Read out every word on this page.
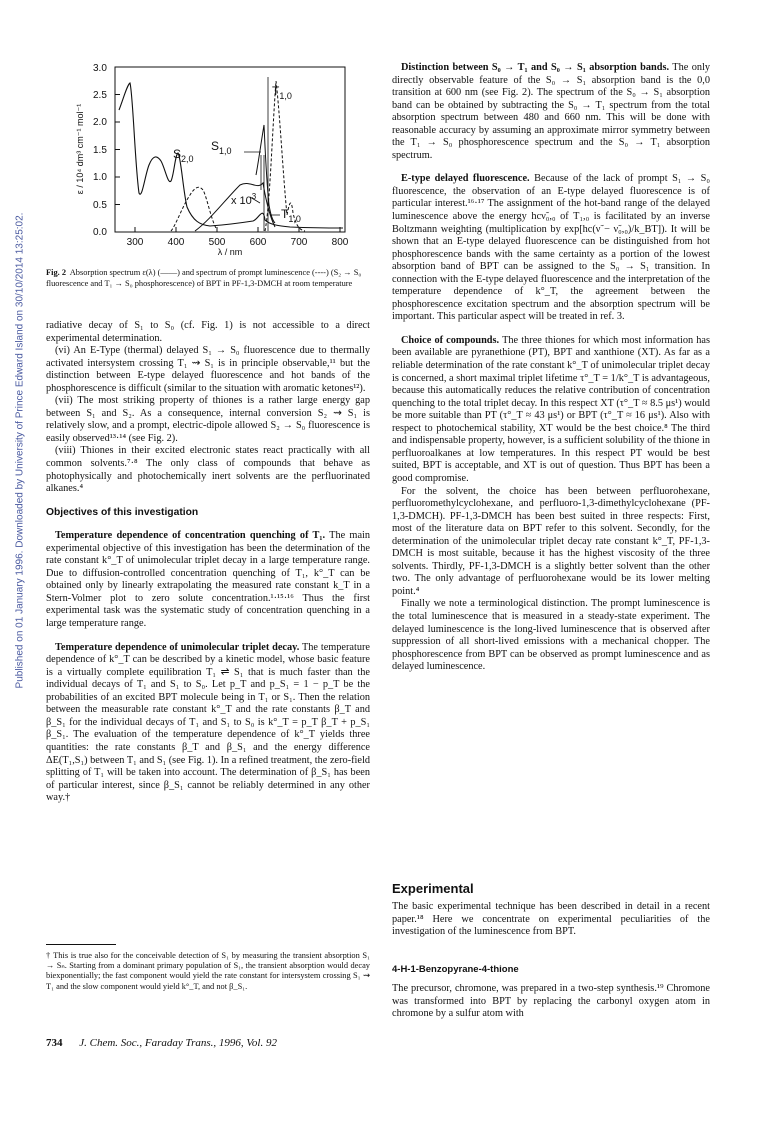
Published on 01 January 1996. Downloaded by University of Prince Edward Island on 30/10/2014 13:25:02.	0.0
0.5
1.0
1.5
2.0
2.5
3.0
300 400 500 600 700 800
ε / 10⁴ dm³ cm⁻¹ mol⁻¹
λ / nm
$T_{1,0}$
$S_{2,0}$
$S_{1,0}$
x $10^3$
$T_{1,0}$
Fig. 2 Absorption spectrum ε(λ) (——) and spectrum of prompt luminescence (----) (S₂ → S₀ fluorescence and T₁ → S₀ phosphorescence) of BPT in PF-1,3-DMCH at room temperature

radiative decay of S₁ to S₀ (cf. Fig. 1) is not accessible to a direct experimental determination.

(vi) An E-Type (thermal) delayed S₁ → S₀ fluorescence due to thermally activated intersystem crossing T₁ ⇝ S₁ is in principle observable,¹¹ but the distinction between E-type delayed fluorescence and hot bands of the phosphorescence is difficult (similar to the situation with aromatic ketones¹²).

(vii) The most striking property of thiones is a rather large energy gap between S₁ and S₂. As a consequence, internal conversion S₂ ⇝ S₁ is relatively slow, and a prompt, electric-dipole allowed S₂ → S₀ fluorescence is easily observed¹³·¹⁴ (see Fig. 2).

(viii) Thiones in their excited electronic states react practically with all common solvents.⁷·⁸ The only class of compounds that behave as photophysically and photochemically inert solvents are the perfluorinated alkanes.⁴

Objectives of this investigation

Temperature dependence of concentration quenching of T₁. The main experimental objective of this investigation has been the determination of the rate constant k°_T of unimolecular triplet decay in a large temperature range. Due to diffusion-controlled concentration quenching of T₁, k°_T can be obtained only by linearly extrapolating the measured rate constant k_T in a Stern-Volmer plot to zero solute concentration.¹·¹⁵·¹⁶ Thus the first experimental task was the systematic study of concentration quenching in a large temperature range.

Temperature dependence of unimolecular triplet decay. The temperature dependence of k°_T can be described by a kinetic model, whose basic feature is a virtually complete equilibration T₁ ⇌ S₁ that is much faster than the individual decays of T₁ and S₁ to S₀. Let p_T and p_S₁ = 1 − p_T be the probabilities of an excited BPT molecule being in T₁ or S₁. Then the relation between the measurable rate constant k°_T and the rate constants β_T and β_S₁ for the individual decays of T₁ and S₁ to S₀ is k°_T = p_T β_T + p_S₁ β_S₁. The evaluation of the temperature dependence of k°_T yields three quantities: the rate constants β_T and β_S₁ and the energy difference ΔE(T₁,S₁) between T₁ and S₁ (see Fig. 1). In a refined treatment, the zero-field splitting of T₁ will be taken into account. The determination of β_S₁ has been of particular interest, since β_S₁ cannot be reliably determined in any other way.†

† This is true also for the conceivable detection of S₁ by measuring the transient absorption S₁ → Sₙ. Starting from a dominant primary population of S₁, the transient absorption would decay biexponentially; the fast component would yield the rate constant for intersystem crossing S₁ ⇝ T₁ and the slow component would yield k°_T, and not β_S₁.

Distinction between S₀ → T₁ and S₀ → S₁ absorption bands. The only directly observable feature of the S₀ → S₁ absorption band is the 0,0 transition at 600 nm (see Fig. 2). The spectrum of the S₀ → S₁ absorption band can be obtained by subtracting the S₀ → T₁ spectrum from the total absorption spectrum between 480 and 660 nm. This will be done with reasonable accuracy by assuming an approximate mirror symmetry between the T₁ → S₀ phosphorescence spectrum and the S₀ → T₁ absorption spectrum.

E-type delayed fluorescence. Because of the lack of prompt S₁ → S₀ fluorescence, the observation of an E-type delayed fluorescence is of particular interest.¹⁶·¹⁷ The assignment of the hot-band range of the delayed luminescence above the energy hcν̃₀,₀ of T₁,₀ is facilitated by an inverse Boltzmann weighting (multiplication by exp[hc(ν̃ − ν̃₀,₀)/k_BT]). It will be shown that an E-type delayed fluorescence can be distinguished from hot phosphorescence bands with the same certainty as a portion of the lowest absorption band of BPT can be assigned to the S₀ → S₁ transition. In connection with the E-type delayed fluorescence and the interpretation of the temperature dependence of k°_T, the agreement between the phosphorescence excitation spectrum and the absorption spectrum will be important. This particular aspect will be treated in ref. 3.

Choice of compounds. The three thiones for which most information has been available are pyranethione (PT), BPT and xanthione (XT). As far as a reliable determination of the rate constant k°_T of unimolecular triplet decay is concerned, a short maximal triplet lifetime τ°_T = 1/k°_T is advantageous, because this automatically reduces the relative contribution of concentration quenching to the total triplet decay. In this respect XT (τ°_T ≈ 8.5 μs¹) would be more suitable than PT (τ°_T ≈ 43 μs¹) or BPT (τ°_T ≈ 16 μs¹). Also with respect to photochemical stability, XT would be the best choice.⁸ The third and indispensable property, however, is a sufficient solubility of the thione in perfluoroalkanes at low temperatures. In this respect PT would be best suited, BPT is acceptable, and XT is out of question. Thus BPT has been a good compromise.

For the solvent, the choice has been between perfluorohexane, perfluoromethylcyclohexane, and perfluoro-1,3-dimethylcyclohexane (PF-1,3-DMCH). PF-1,3-DMCH has been best suited in three respects: First, most of the literature data on BPT refer to this solvent. Secondly, for the determination of the unimolecular triplet decay rate constant k°_T, PF-1,3-DMCH is most suitable, because it has the highest viscosity of the three solvents. Thirdly, PF-1,3-DMCH is a slightly better solvent than the other two. The only advantage of perfluorohexane would be its lower melting point.⁴

Finally we note a terminological distinction. The prompt luminescence is the total luminescence that is measured in a steady-state experiment. The delayed luminescence is the long-lived luminescence that is observed after suppression of all short-lived emissions with a mechanical chopper. The phosphorescence from BPT can be observed as prompt luminescence and as delayed luminescence.

Experimental

The basic experimental technique has been described in detail in a recent paper.¹⁸ Here we concentrate on experimental peculiarities of the investigation of the luminescence from BPT.

4-H-1-Benzopyrane-4-thione

The precursor, chromone, was prepared in a two-step synthesis.¹⁹ Chromone was transformed into BPT by replacing the carbonyl oxygen atom in chromone by a sulfur atom with

734 J. Chem. Soc., Faraday Trans., 1996, Vol. 92
